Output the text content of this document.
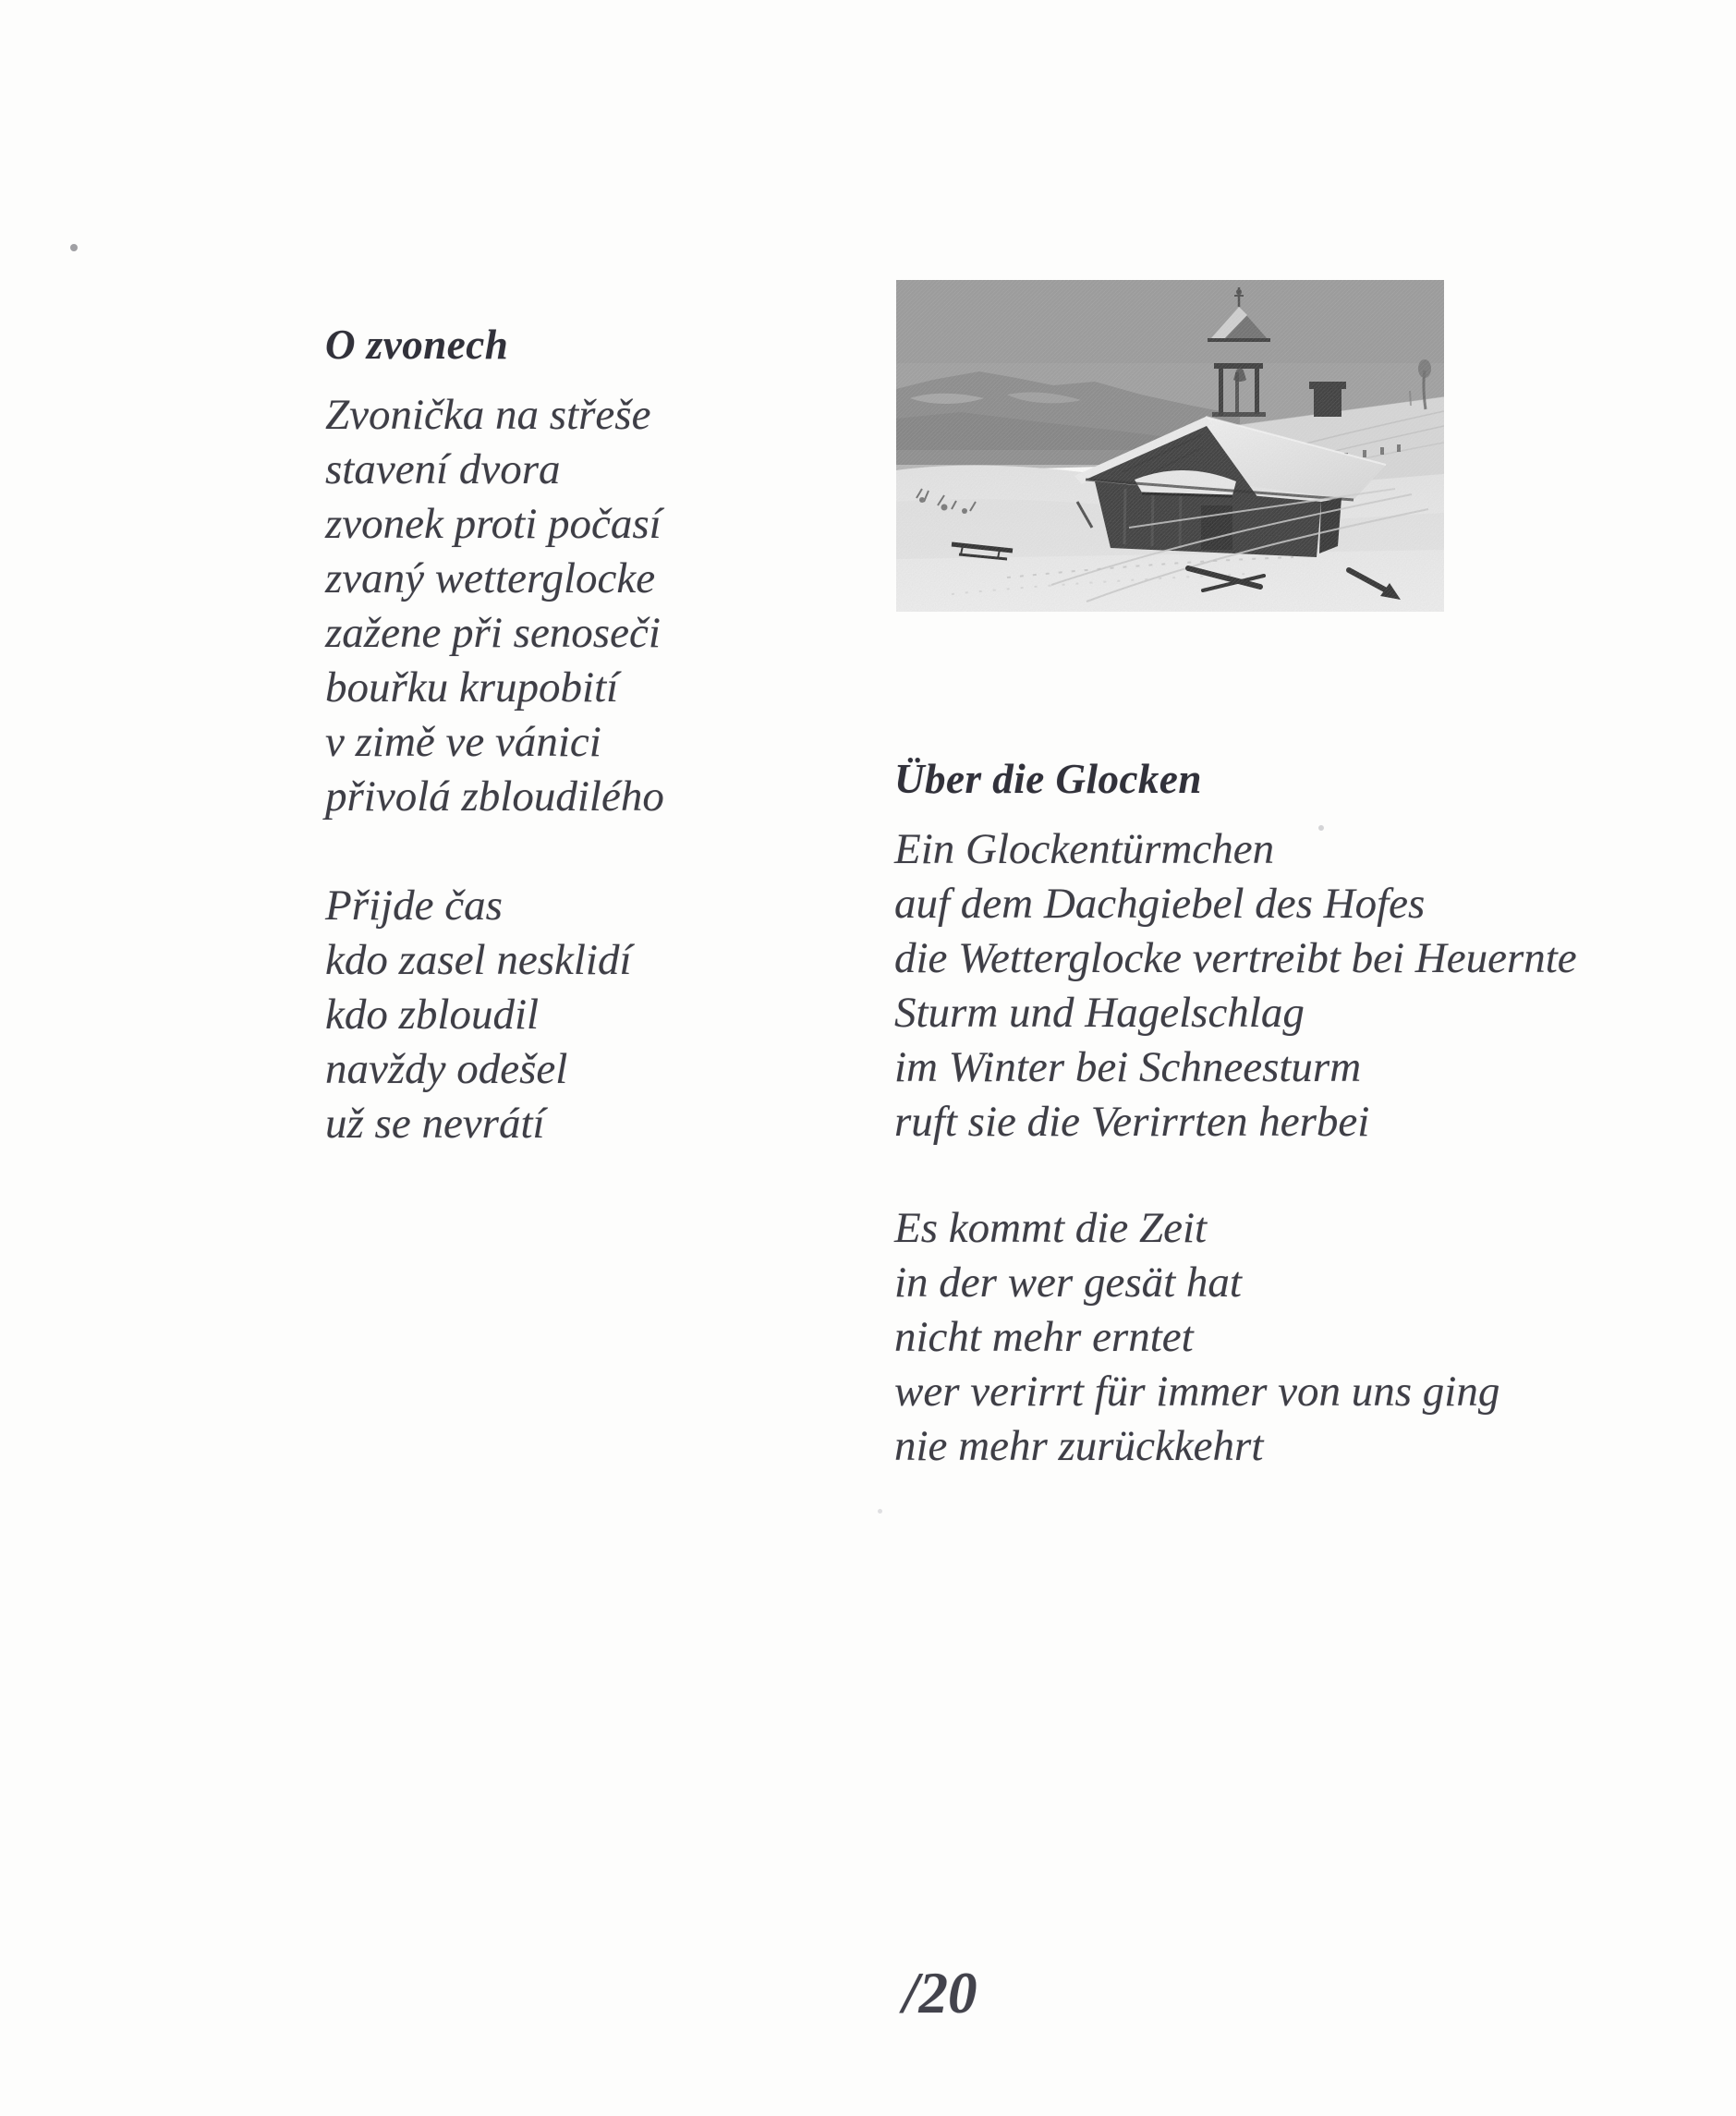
O zvonech
Zvonička na střeše
stavení dvora
zvonek proti počasí
zvaný wetterglocke
zažene při senoseči
bouřku krupobití
v zimě ve vánici
přivolá zbloudilého
Přijde čas
kdo zasel nesklidí
kdo zbloudil
navždy odešel
už se nevrátí
Über die Glocken
Ein Glockentürmchen
auf dem Dachgiebel des Hofes
die Wetterglocke vertreibt bei Heuernte
Sturm und Hagelschlag
im Winter bei Schneesturm
ruft sie die Verirrten herbei
Es kommt die Zeit
in der wer gesät hat
nicht mehr erntet
wer verirrt für immer von uns ging
nie mehr zurückkehrt
/20
